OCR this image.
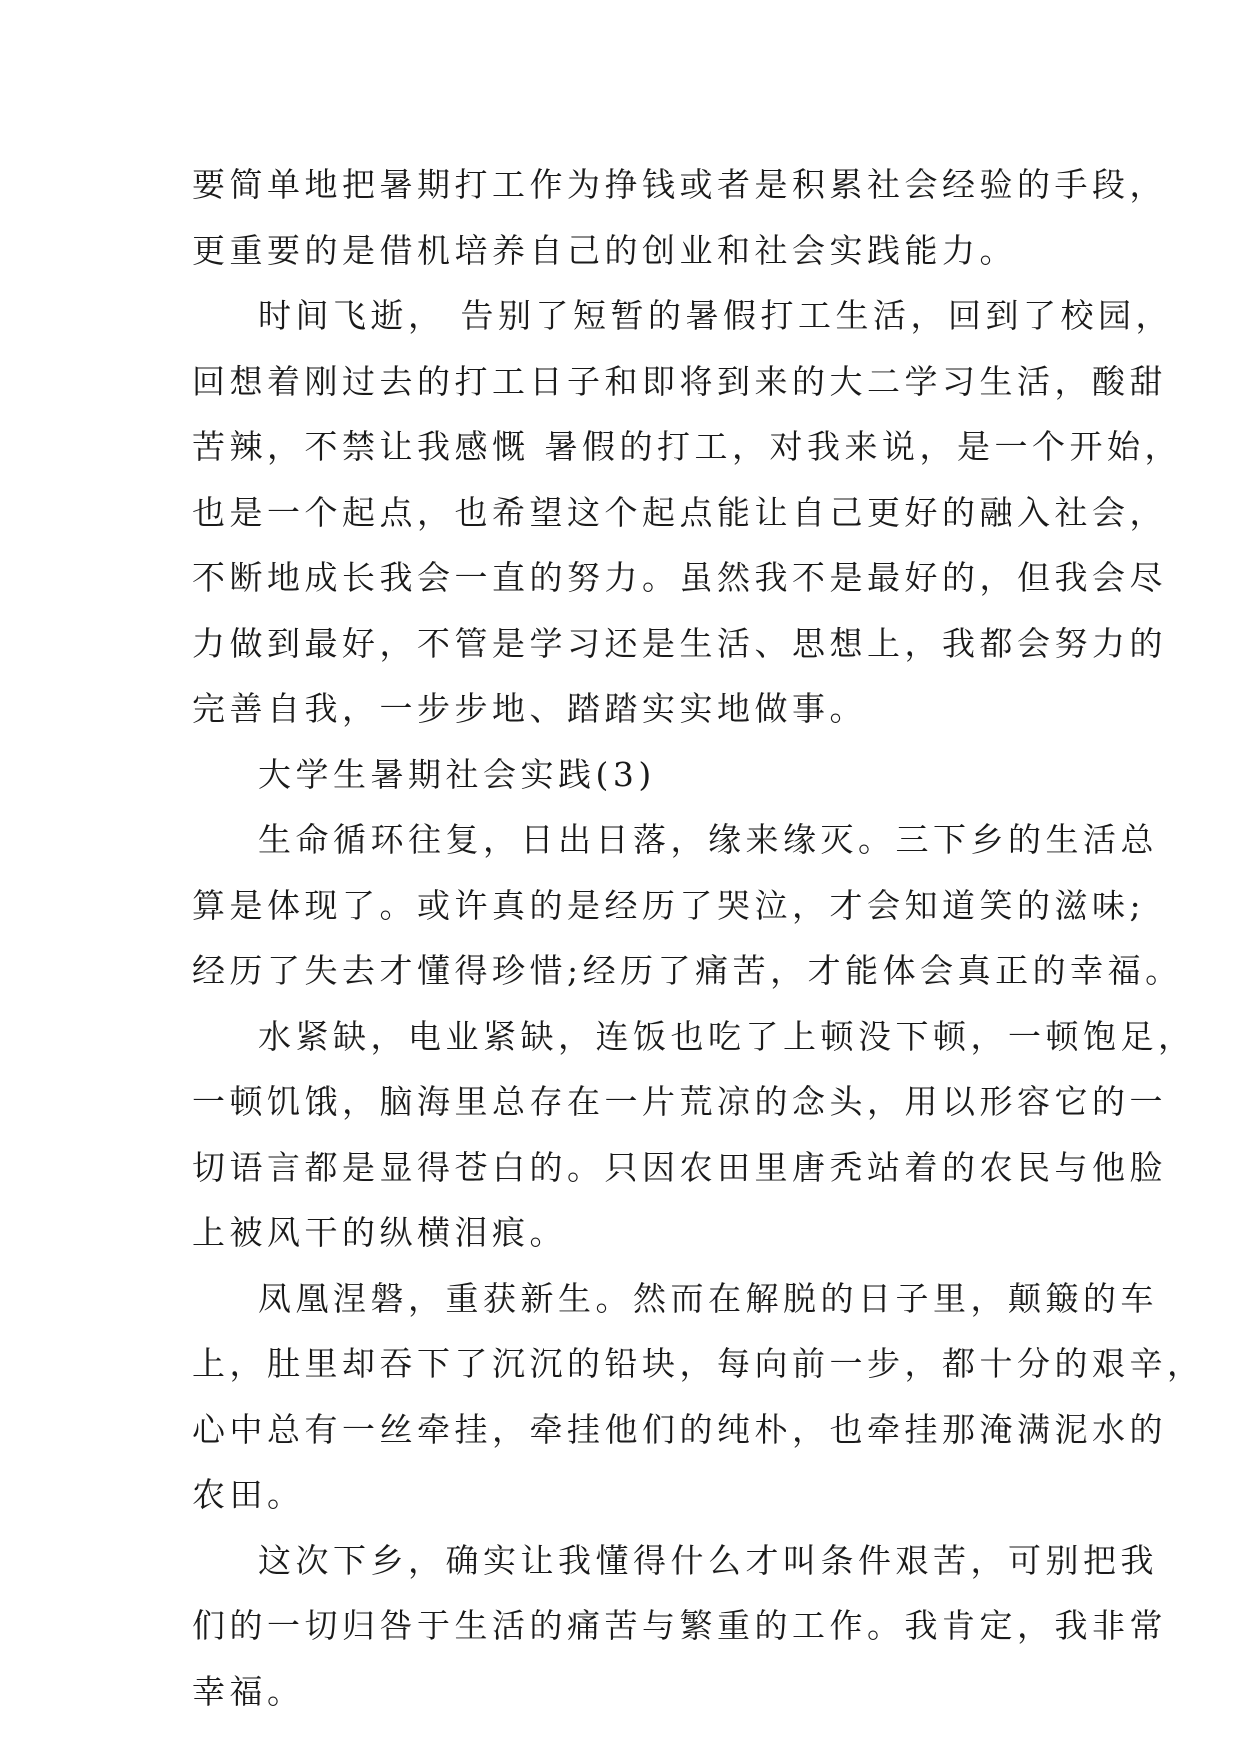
要简单地把暑期打工作为挣钱或者是积累社会经验的手段，
更重要的是借机培养自己的创业和社会实践能力。
时间飞逝， 告别了短暂的暑假打工生活，回到了校园，
回想着刚过去的打工日子和即将到来的大二学习生活，酸甜
苦辣，不禁让我感慨 暑假的打工，对我来说，是一个开始，
也是一个起点，也希望这个起点能让自己更好的融入社会，
不断地成长我会一直的努力。虽然我不是最好的，但我会尽
力做到最好，不管是学习还是生活、思想上，我都会努力的
完善自我，一步步地、踏踏实实地做事。
大学生暑期社会实践(3)
生命循环往复，日出日落，缘来缘灭。三下乡的生活总
算是体现了。或许真的是经历了哭泣，才会知道笑的滋味;
经历了失去才懂得珍惜;经历了痛苦，才能体会真正的幸福。
水紧缺，电业紧缺，连饭也吃了上顿没下顿，一顿饱足，
一顿饥饿，脑海里总存在一片荒凉的念头，用以形容它的一
切语言都是显得苍白的。只因农田里唐秃站着的农民与他脸
上被风干的纵横泪痕。
凤凰涅磐，重获新生。然而在解脱的日子里，颠簸的车
上，肚里却吞下了沉沉的铅块，每向前一步，都十分的艰辛，
心中总有一丝牵挂，牵挂他们的纯朴，也牵挂那淹满泥水的
农田。
这次下乡，确实让我懂得什么才叫条件艰苦，可别把我
们的一切归咎于生活的痛苦与繁重的工作。我肯定，我非常
幸福。
